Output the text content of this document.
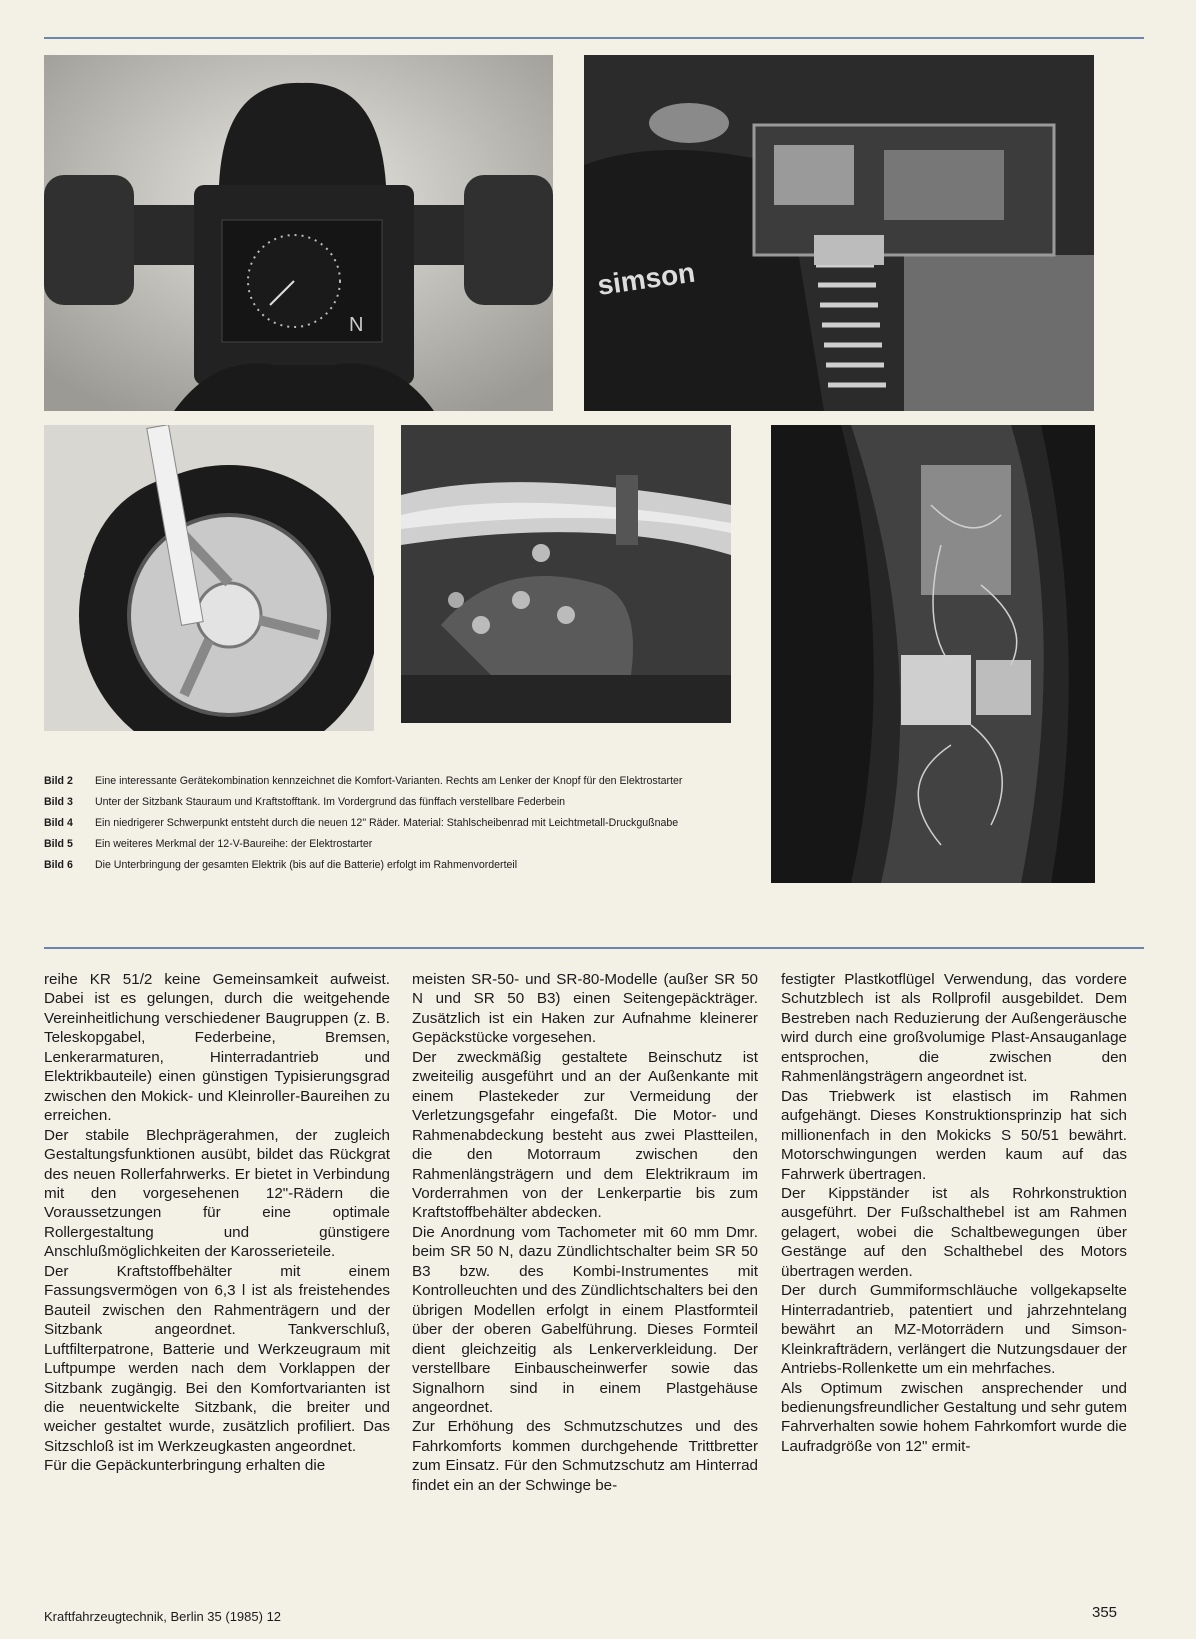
N
simson
Bild 2 Eine interessante Gerätekombination kennzeichnet die Komfort-Varianten. Rechts am Lenker der Knopf für den Elektrostarter
Bild 3 Unter der Sitzbank Stauraum und Kraftstofftank. Im Vordergrund das fünffach verstellbare Federbein
Bild 4 Ein niedrigerer Schwerpunkt entsteht durch die neuen 12" Räder. Material: Stahlscheibenrad mit Leichtmetall-Druckgußnabe
Bild 5 Ein weiteres Merkmal der 12-V-Baureihe: der Elektrostarter
Bild 6 Die Unterbringung der gesamten Elektrik (bis auf die Batterie) erfolgt im Rahmenvorderteil

reihe KR 51/2 keine Gemeinsamkeit aufweist. Dabei ist es gelungen, durch die weitgehende Vereinheitlichung verschiedener Baugruppen (z. B. Teleskopgabel, Federbeine, Bremsen, Lenkerarmaturen, Hinterradantrieb und Elektrikbauteile) einen günstigen Typisierungsgrad zwischen den Mokick- und Kleinroller-Baureihen zu erreichen.

Der stabile Blechprägerahmen, der zugleich Gestaltungsfunktionen ausübt, bildet das Rückgrat des neuen Rollerfahrwerks. Er bietet in Verbindung mit den vorgesehenen 12"-Rädern die Voraussetzungen für eine optimale Rollergestaltung und günstigere Anschlußmöglichkeiten der Karosserieteile.

Der Kraftstoffbehälter mit einem Fassungsvermögen von 6,3 l ist als freistehendes Bauteil zwischen den Rahmenträgern und der Sitzbank angeordnet. Tankverschluß, Luftfilterpatrone, Batterie und Werkzeugraum mit Luftpumpe werden nach dem Vorklappen der Sitzbank zugängig. Bei den Komfortvarianten ist die neuentwickelte Sitzbank, die breiter und weicher gestaltet wurde, zusätzlich profiliert. Das Sitzschloß ist im Werkzeugkasten angeordnet.

Für die Gepäckunterbringung erhalten die

meisten SR-50- und SR-80-Modelle (außer SR 50 N und SR 50 B3) einen Seitengepäckträger. Zusätzlich ist ein Haken zur Aufnahme kleinerer Gepäckstücke vorgesehen.

Der zweckmäßig gestaltete Beinschutz ist zweiteilig ausgeführt und an der Außenkante mit einem Plastekeder zur Vermeidung der Verletzungsgefahr eingefaßt. Die Motor- und Rahmenabdeckung besteht aus zwei Plastteilen, die den Motorraum zwischen den Rahmenlängsträgern und dem Elektrikraum im Vorderrahmen von der Lenkerpartie bis zum Kraftstoffbehälter abdecken.

Die Anordnung vom Tachometer mit 60 mm Dmr. beim SR 50 N, dazu Zündlichtschalter beim SR 50 B3 bzw. des Kombi-Instrumentes mit Kontrolleuchten und des Zündlichtschalters bei den übrigen Modellen erfolgt in einem Plastformteil über der oberen Gabelführung. Dieses Formteil dient gleichzeitig als Lenkerverkleidung. Der verstellbare Einbauscheinwerfer sowie das Signalhorn sind in einem Plastgehäuse angeordnet.

Zur Erhöhung des Schmutzschutzes und des Fahrkomforts kommen durchgehende Trittbretter zum Einsatz. Für den Schmutzschutz am Hinterrad findet ein an der Schwinge be-

festigter Plastkotflügel Verwendung, das vordere Schutzblech ist als Rollprofil ausgebildet. Dem Bestreben nach Reduzierung der Außengeräusche wird durch eine großvolumige Plast-Ansauganlage entsprochen, die zwischen den Rahmenlängsträgern angeordnet ist.

Das Triebwerk ist elastisch im Rahmen aufgehängt. Dieses Konstruktionsprinzip hat sich millionenfach in den Mokicks S 50/51 bewährt. Motorschwingungen werden kaum auf das Fahrwerk übertragen.

Der Kippständer ist als Rohrkonstruktion ausgeführt. Der Fußschalthebel ist am Rahmen gelagert, wobei die Schaltbewegungen über Gestänge auf den Schalthebel des Motors übertragen werden.

Der durch Gummiformschläuche vollgekapselte Hinterradantrieb, patentiert und jahrzehntelang bewährt an MZ-Motorrädern und Simson-Kleinkrafträdern, verlängert die Nutzungsdauer der Antriebs-Rollenkette um ein mehrfaches.

Als Optimum zwischen ansprechender und bedienungsfreundlicher Gestaltung und sehr gutem Fahrverhalten sowie hohem Fahrkomfort wurde die Laufradgröße von 12" ermit-

Kraftfahrzeugtechnik, Berlin 35 (1985) 12	355
